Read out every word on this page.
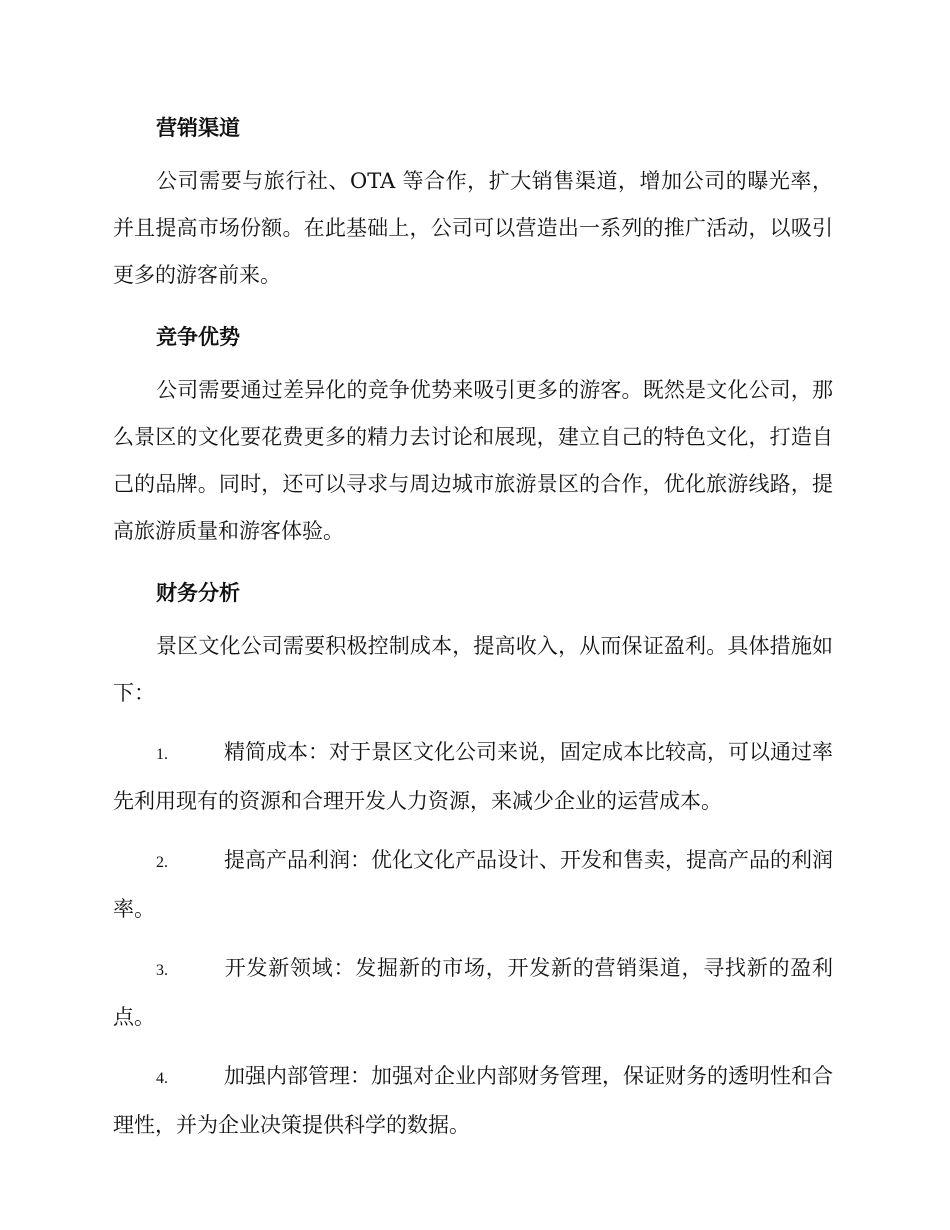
营销渠道

公司需要与旅行社、OTA 等合作，扩大销售渠道，增加公司的曝光率，并且提高市场份额。在此基础上，公司可以营造出一系列的推广活动，以吸引更多的游客前来。

竞争优势

公司需要通过差异化的竞争优势来吸引更多的游客。既然是文化公司，那么景区的文化要花费更多的精力去讨论和展现，建立自己的特色文化，打造自己的品牌。同时，还可以寻求与周边城市旅游景区的合作，优化旅游线路，提高旅游质量和游客体验。

财务分析

景区文化公司需要积极控制成本，提高收入，从而保证盈利。具体措施如下：

1.	精简成本：对于景区文化公司来说，固定成本比较高，可以通过率先利用现有的资源和合理开发人力资源，来减少企业的运营成本。

2.	提高产品利润：优化文化产品设计、开发和售卖，提高产品的利润率。

3.	开发新领域：发掘新的市场，开发新的营销渠道，寻找新的盈利点。

4.	加强内部管理：加强对企业内部财务管理，保证财务的透明性和合理性，并为企业决策提供科学的数据。
